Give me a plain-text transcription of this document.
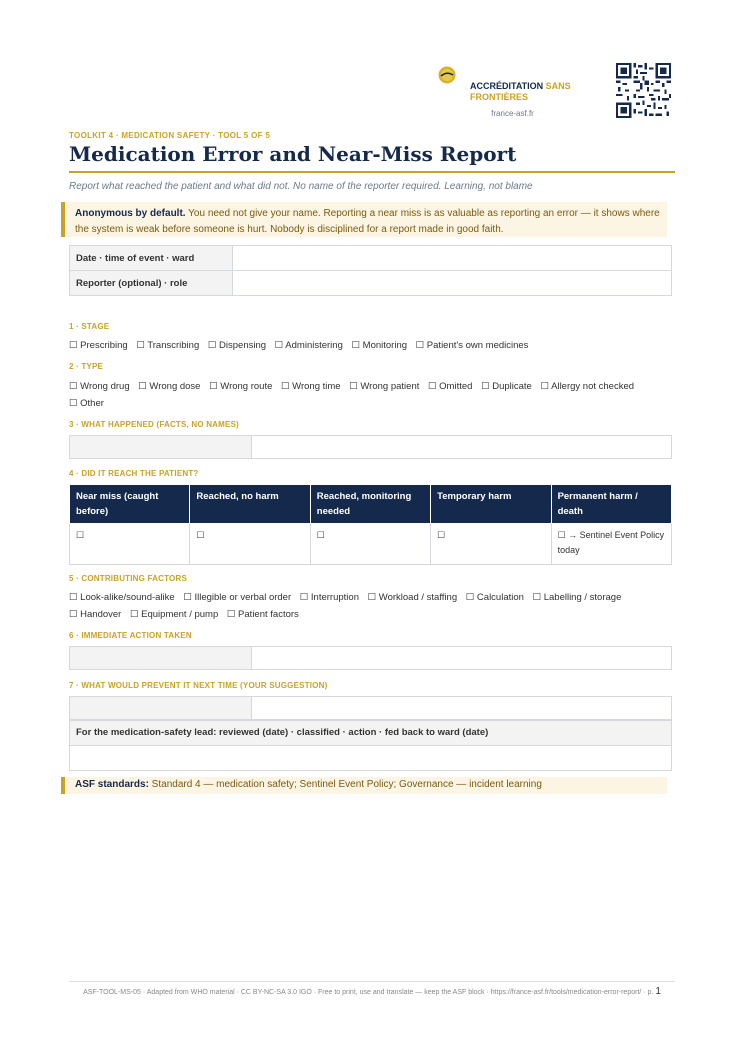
ACCRÉDITATION SANS FRONTIÈRES
france-asf.fr
TOOLKIT 4 · MEDICATION SAFETY · TOOL 5 OF 5
Medication Error and Near-Miss Report
Report what reached the patient and what did not. No name of the reporter required. Learning, not blame
Anonymous by default. You need not give your name. Reporting a near miss is as valuable as reporting an error — it shows where the system is weak before someone is hurt. Nobody is disciplined for a report made in good faith.
Date · time of event · ward	
Reporter (optional) · role	
1 · STAGE
☐ Prescribing ☐ Transcribing ☐ Dispensing ☐ Administering ☐ Monitoring ☐ Patient's own medicines
2 · TYPE
☐ Wrong drug ☐ Wrong dose ☐ Wrong route ☐ Wrong time ☐ Wrong patient ☐ Omitted ☐ Duplicate ☐ Allergy not checked ☐ Other
3 · WHAT HAPPENED (FACTS, NO NAMES)
4 · DID IT REACH THE PATIENT?
Near miss (caught before)	Reached, no harm	Reached, monitoring needed	Temporary harm	Permanent harm / death
☐	☐	☐	☐	☐ → Sentinel Event Policy today
5 · CONTRIBUTING FACTORS
☐ Look-alike/sound-alike ☐ Illegible or verbal order ☐ Interruption ☐ Workload / staffing ☐ Calculation ☐ Labelling / storage ☐ Handover ☐ Equipment / pump ☐ Patient factors
6 · IMMEDIATE ACTION TAKEN
7 · WHAT WOULD PREVENT IT NEXT TIME (YOUR SUGGESTION)
For the medication-safety lead: reviewed (date) · classified · action · fed back to ward (date)
ASF standards: Standard 4 — medication safety; Sentinel Event Policy; Governance — incident learning
ASF-TOOL-MS-05 · Adapted from WHO material · CC BY-NC-SA 3.0 IGO · Free to print, use and translate — keep the ASF block · https://france-asf.fr/tools/medication-error-report/ · p. 1
